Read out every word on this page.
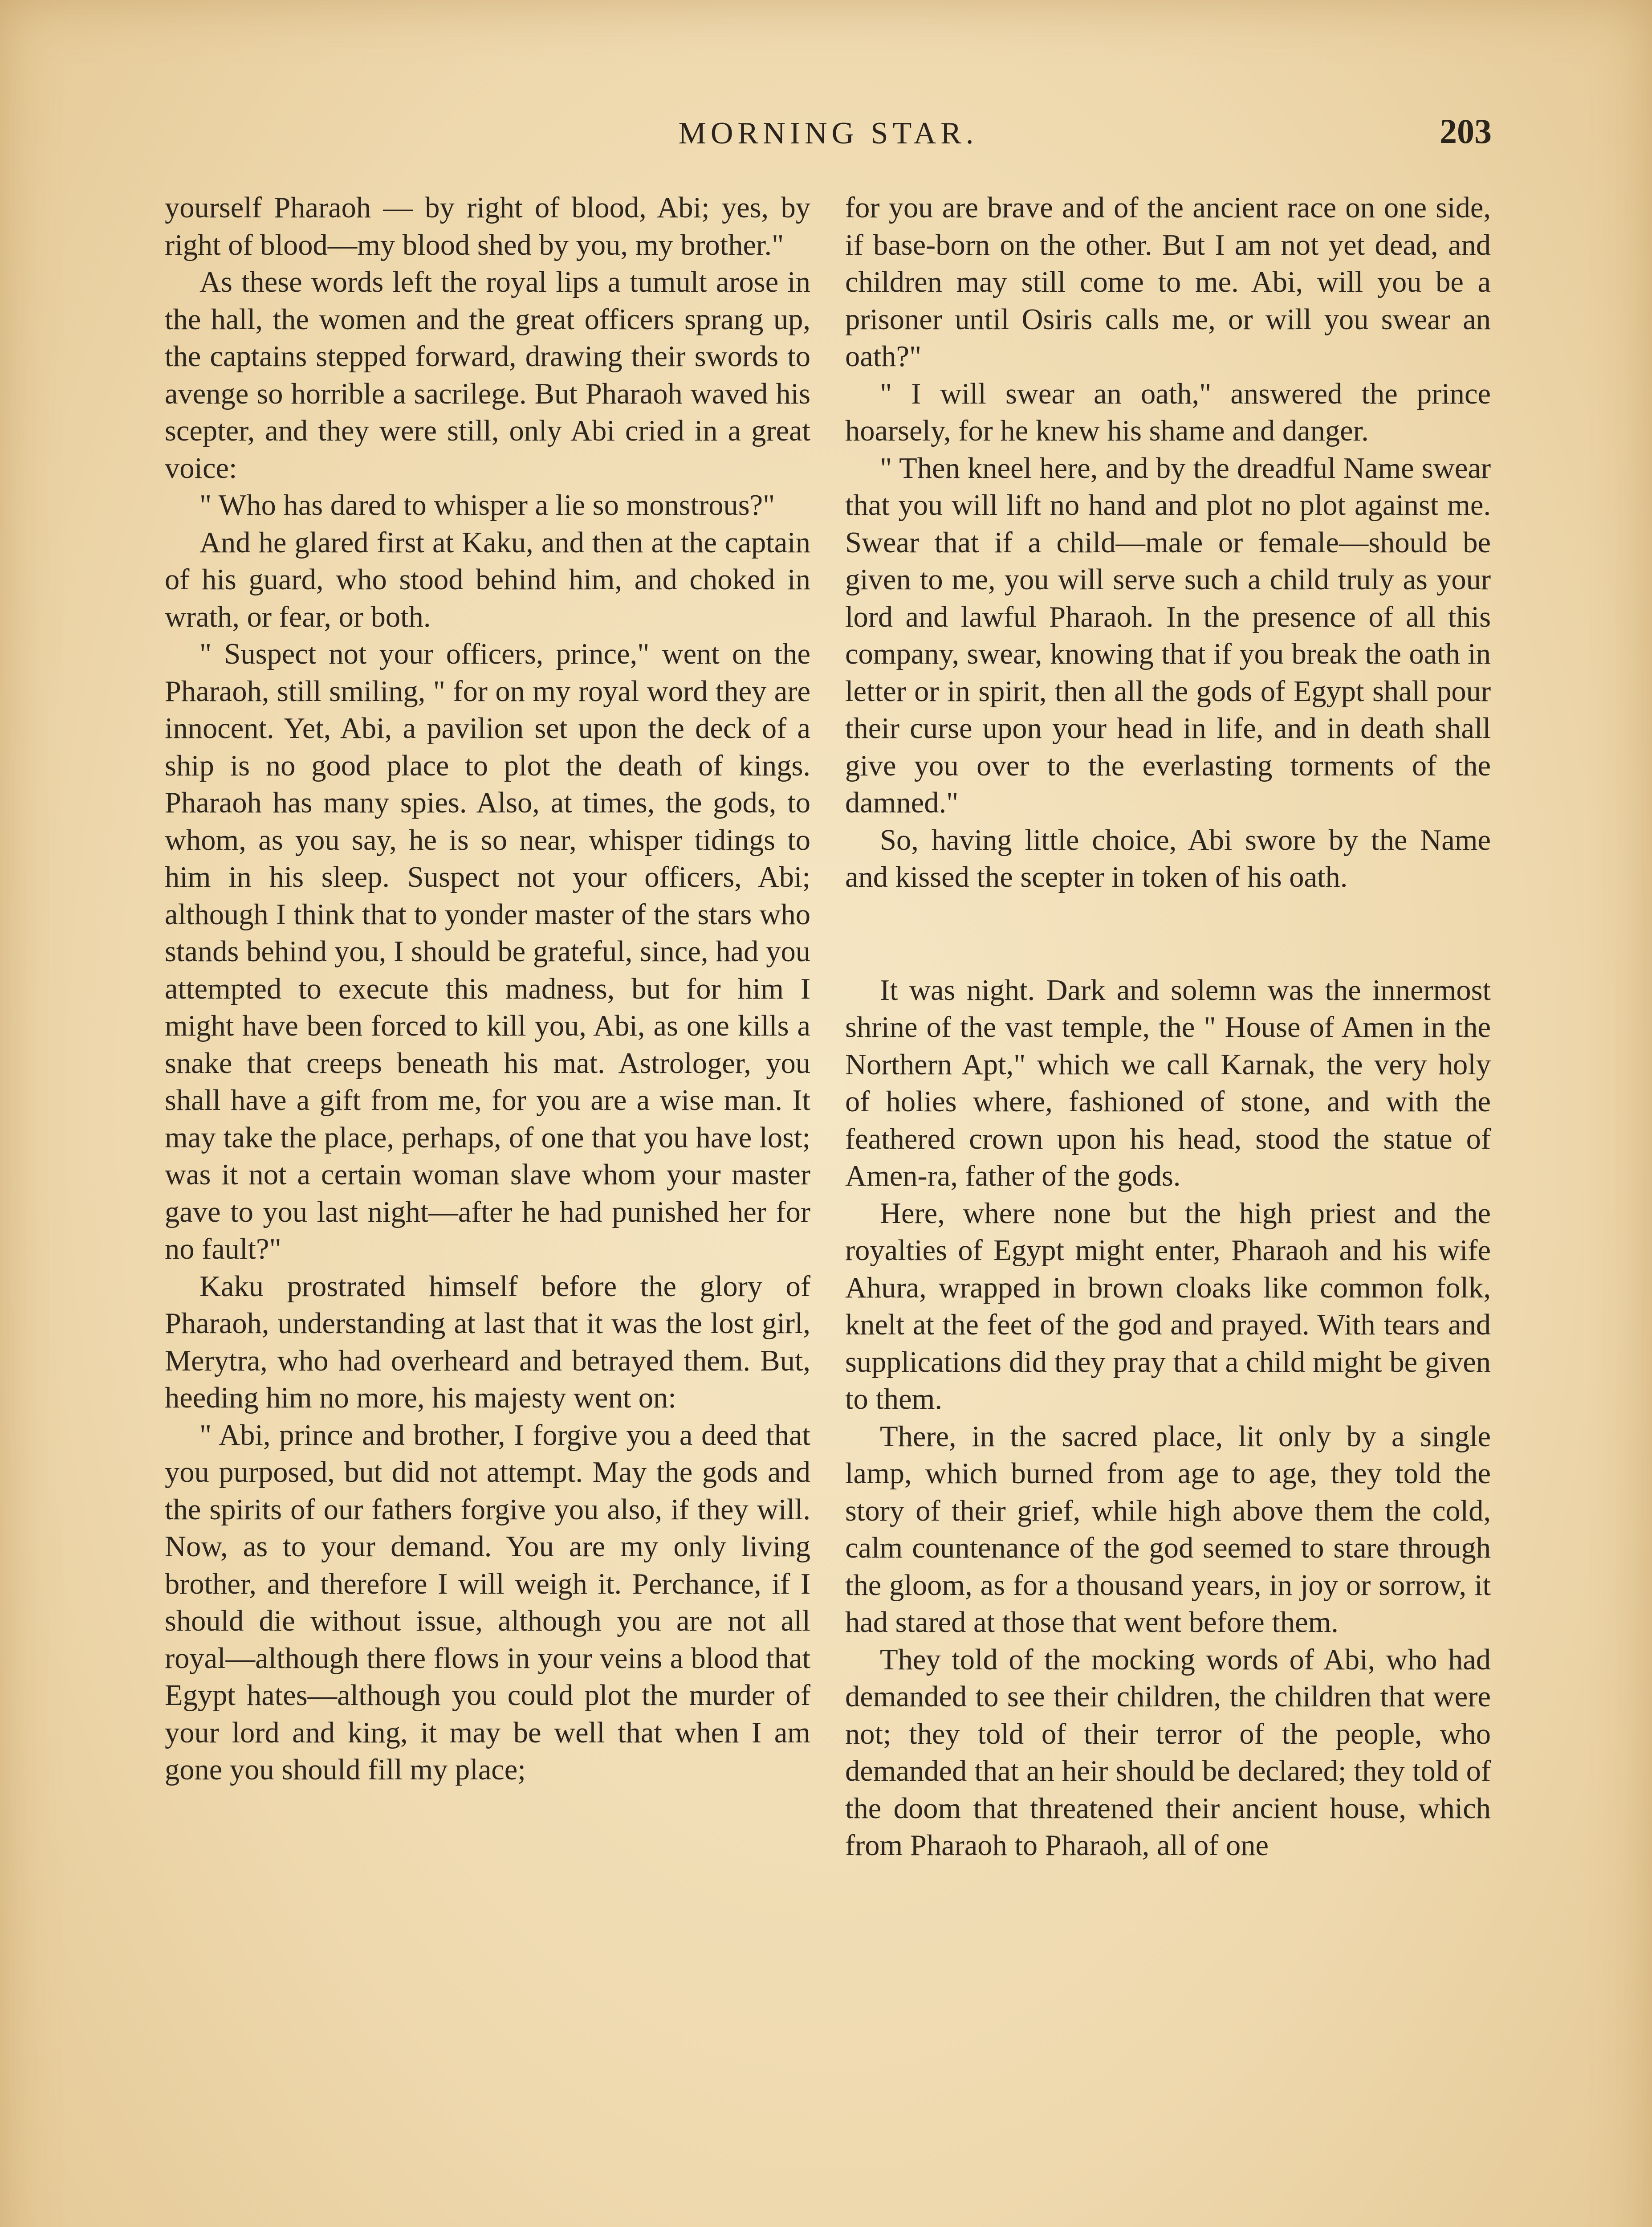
MORNING STAR.	203

yourself Pharaoh — by right of blood, Abi; yes, by right of blood—my blood shed by you, my brother."

As these words left the royal lips a tumult arose in the hall, the women and the great officers sprang up, the captains stepped forward, drawing their swords to avenge so horrible a sacrilege. But Pharaoh waved his scepter, and they were still, only Abi cried in a great voice:

" Who has dared to whisper a lie so monstrous?"

And he glared first at Kaku, and then at the captain of his guard, who stood behind him, and choked in wrath, or fear, or both.

" Suspect not your officers, prince," went on the Pharaoh, still smiling, " for on my royal word they are innocent. Yet, Abi, a pavilion set upon the deck of a ship is no good place to plot the death of kings. Pharaoh has many spies. Also, at times, the gods, to whom, as you say, he is so near, whisper tidings to him in his sleep. Suspect not your officers, Abi; although I think that to yonder master of the stars who stands behind you, I should be grateful, since, had you attempted to execute this madness, but for him I might have been forced to kill you, Abi, as one kills a snake that creeps beneath his mat. Astrologer, you shall have a gift from me, for you are a wise man. It may take the place, perhaps, of one that you have lost; was it not a certain woman slave whom your master gave to you last night—after he had punished her for no fault?"

Kaku prostrated himself before the glory of Pharaoh, understanding at last that it was the lost girl, Merytra, who had overheard and betrayed them. But, heeding him no more, his majesty went on:

" Abi, prince and brother, I forgive you a deed that you purposed, but did not attempt. May the gods and the spirits of our fathers forgive you also, if they will. Now, as to your demand. You are my only living brother, and therefore I will weigh it. Perchance, if I should die without issue, although you are not all royal—although there flows in your veins a blood that Egypt hates—although you could plot the murder of your lord and king, it may be well that when I am gone you should fill my place;

for you are brave and of the ancient race on one side, if base-born on the other. But I am not yet dead, and children may still come to me. Abi, will you be a prisoner until Osiris calls me, or will you swear an oath?"

" I will swear an oath," answered the prince hoarsely, for he knew his shame and danger.

" Then kneel here, and by the dreadful Name swear that you will lift no hand and plot no plot against me. Swear that if a child—male or female—should be given to me, you will serve such a child truly as your lord and lawful Pharaoh. In the presence of all this company, swear, knowing that if you break the oath in letter or in spirit, then all the gods of Egypt shall pour their curse upon your head in life, and in death shall give you over to the everlasting torments of the damned."

So, having little choice, Abi swore by the Name and kissed the scepter in token of his oath.

It was night. Dark and solemn was the innermost shrine of the vast temple, the " House of Amen in the Northern Apt," which we call Karnak, the very holy of holies where, fashioned of stone, and with the feathered crown upon his head, stood the statue of Amen-ra, father of the gods.

Here, where none but the high priest and the royalties of Egypt might enter, Pharaoh and his wife Ahura, wrapped in brown cloaks like common folk, knelt at the feet of the god and prayed. With tears and supplications did they pray that a child might be given to them.

There, in the sacred place, lit only by a single lamp, which burned from age to age, they told the story of their grief, while high above them the cold, calm countenance of the god seemed to stare through the gloom, as for a thousand years, in joy or sorrow, it had stared at those that went before them.

They told of the mocking words of Abi, who had demanded to see their children, the children that were not; they told of their terror of the people, who demanded that an heir should be declared; they told of the doom that threatened their ancient house, which from Pharaoh to Pharaoh, all of one
